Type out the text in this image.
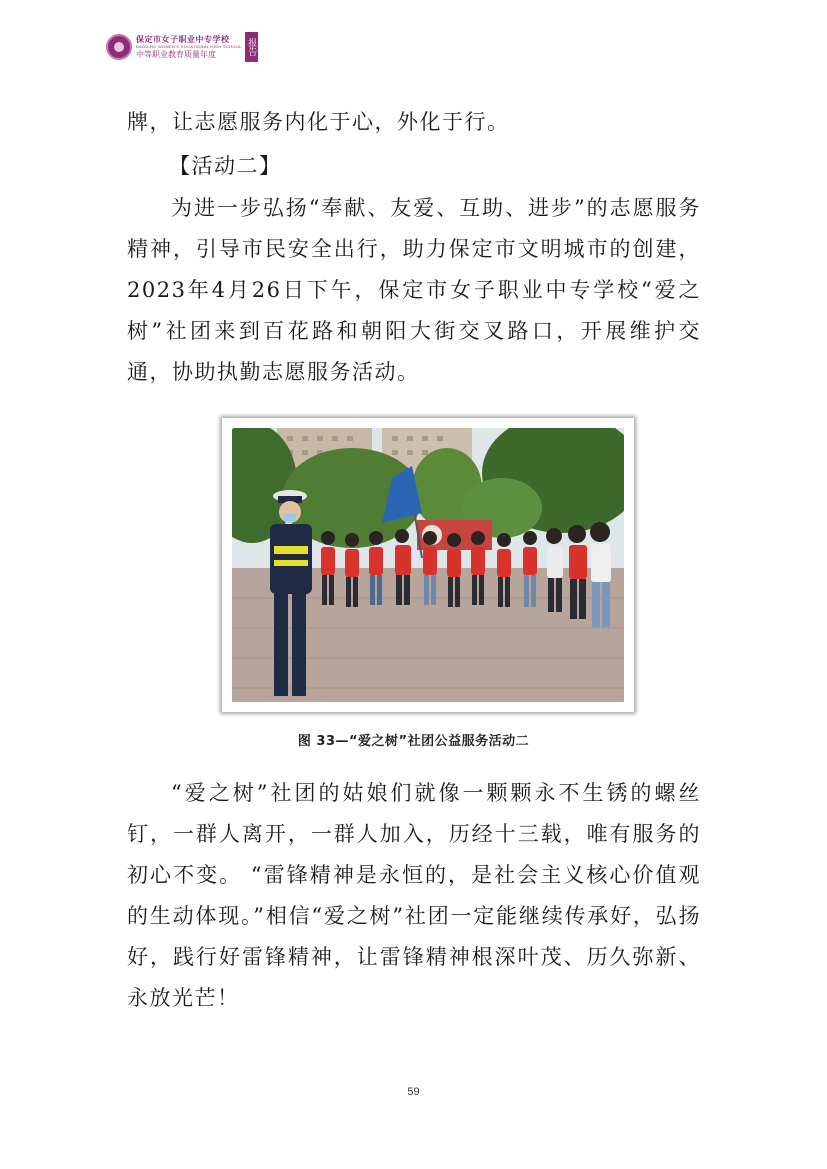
保定市女子职业中专学校
BAODING WOMEN'S VOCATIONAL HIGH SCHOOL
中等职业教育质量年度	报告

牌，让志愿服务内化于心，外化于行。

【活动二】

为进一步弘扬“奉献、友爱、互助、进步”的志愿服务精神，引导市民安全出行，助力保定市文明城市的创建，2023年4月26日下午，保定市女子职业中专学校“爱之树”社团来到百花路和朝阳大街交叉路口，开展维护交通，协助执勤志愿服务活动。

图 33—“爱之树”社团公益服务活动二

“爱之树”社团的姑娘们就像一颗颗永不生锈的螺丝钉，一群人离开，一群人加入，历经十三载，唯有服务的初心不变。 “雷锋精神是永恒的，是社会主义核心价值观的生动体现。”相信“爱之树”社团一定能继续传承好，弘扬好，践行好雷锋精神，让雷锋精神根深叶茂、历久弥新、永放光芒！

59
